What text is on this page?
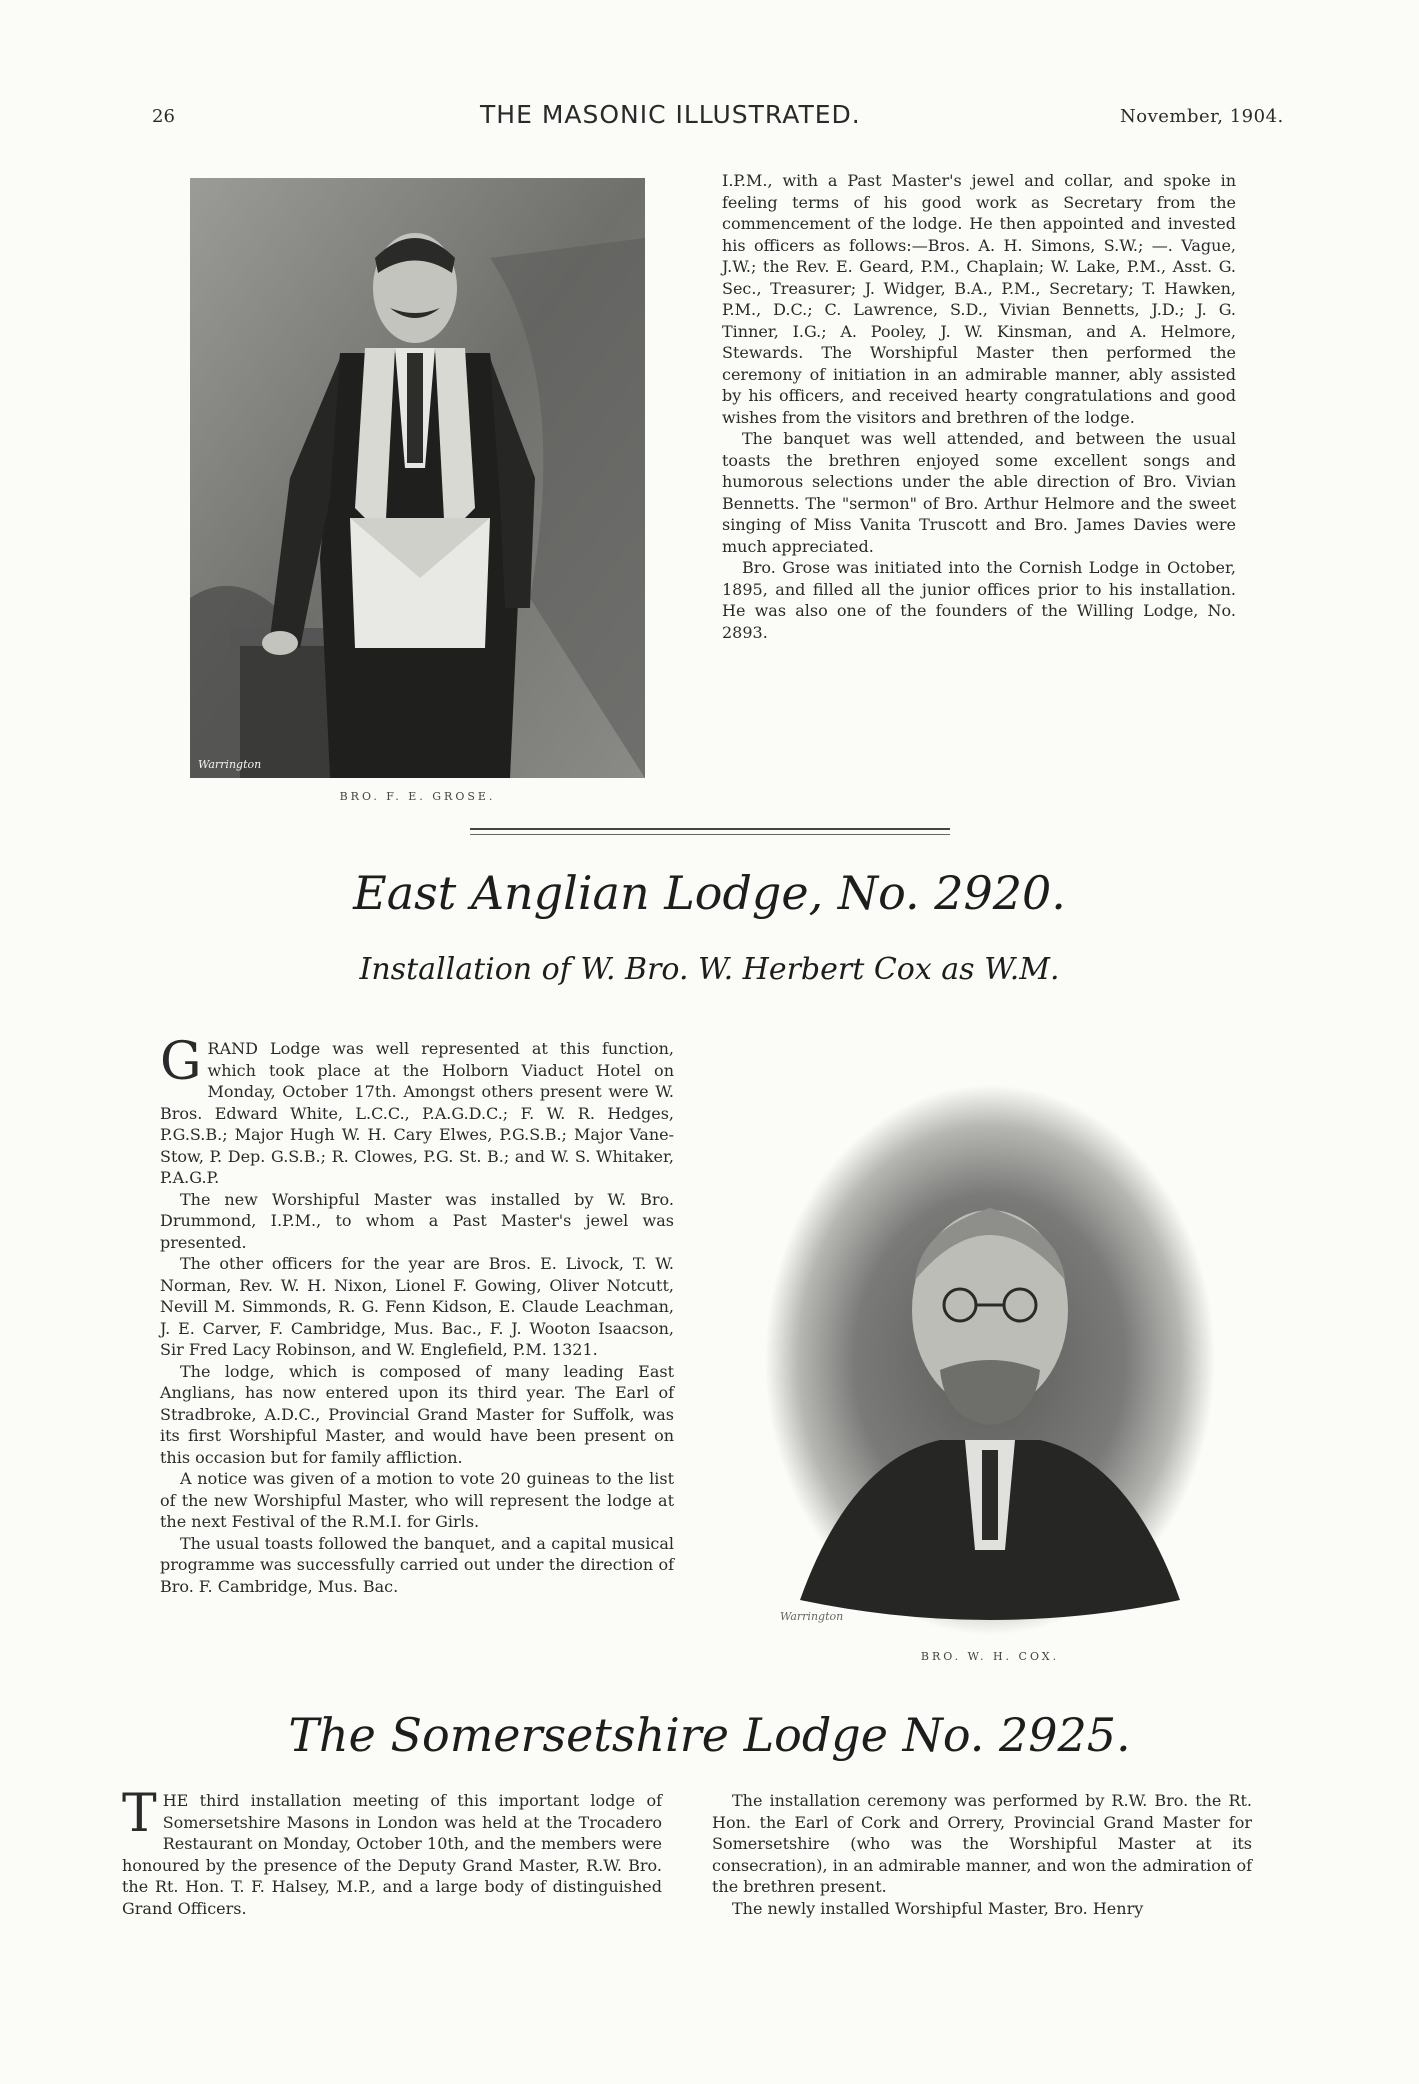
26	THE MASONIC ILLUSTRATED.	November, 1904.
Warrington
BRO. F. E. GROSE.

I.P.M., with a Past Master's jewel and collar, and spoke in feeling terms of his good work as Secretary from the commencement of the lodge. He then appointed and invested his officers as follows:—Bros. A. H. Simons, S.W.; —. Vague, J.W.; the Rev. E. Geard, P.M., Chaplain; W. Lake, P.M., Asst. G. Sec., Treasurer; J. Widger, B.A., P.M., Secretary; T. Hawken, P.M., D.C.; C. Lawrence, S.D., Vivian Bennetts, J.D.; J. G. Tinner, I.G.; A. Pooley, J. W. Kinsman, and A. Helmore, Stewards. The Worshipful Master then performed the ceremony of initiation in an admirable manner, ably assisted by his officers, and received hearty congratulations and good wishes from the visitors and brethren of the lodge.

The banquet was well attended, and between the usual toasts the brethren enjoyed some excellent songs and humorous selections under the able direction of Bro. Vivian Bennetts. The "sermon" of Bro. Arthur Helmore and the sweet singing of Miss Vanita Truscott and Bro. James Davies were much appreciated.

Bro. Grose was initiated into the Cornish Lodge in October, 1895, and filled all the junior offices prior to his installation. He was also one of the founders of the Willing Lodge, No. 2893.

East Anglian Lodge, No. 2920.
Installation of W. Bro. W. Herbert Cox as W.M.

GRAND Lodge was well represented at this function, which took place at the Holborn Viaduct Hotel on Monday, October 17th. Amongst others present were W. Bros. Edward White, L.C.C., P.A.G.D.C.; F. W. R. Hedges, P.G.S.B.; Major Hugh W. H. Cary Elwes, P.G.S.B.; Major Vane-Stow, P. Dep. G.S.B.; R. Clowes, P.G. St. B.; and W. S. Whitaker, P.A.G.P.

The new Worshipful Master was installed by W. Bro. Drummond, I.P.M., to whom a Past Master's jewel was presented.

The other officers for the year are Bros. E. Livock, T. W. Norman, Rev. W. H. Nixon, Lionel F. Gowing, Oliver Notcutt, Nevill M. Simmonds, R. G. Fenn Kidson, E. Claude Leachman, J. E. Carver, F. Cambridge, Mus. Bac., F. J. Wooton Isaacson, Sir Fred Lacy Robinson, and W. Englefield, P.M. 1321.

The lodge, which is composed of many leading East Anglians, has now entered upon its third year. The Earl of Stradbroke, A.D.C., Provincial Grand Master for Suffolk, was its first Worshipful Master, and would have been present on this occasion but for family affliction.

A notice was given of a motion to vote 20 guineas to the list of the new Worshipful Master, who will represent the lodge at the next Festival of the R.M.I. for Girls.

The usual toasts followed the banquet, and a capital musical programme was successfully carried out under the direction of Bro. F. Cambridge, Mus. Bac.

Warrington
BRO. W. H. COX.
The Somersetshire Lodge No. 2925.

THE third installation meeting of this important lodge of Somersetshire Masons in London was held at the Trocadero Restaurant on Monday, October 10th, and the members were honoured by the presence of the Deputy Grand Master, R.W. Bro. the Rt. Hon. T. F. Halsey, M.P., and a large body of distinguished Grand Officers.

The installation ceremony was performed by R.W. Bro. the Rt. Hon. the Earl of Cork and Orrery, Provincial Grand Master for Somersetshire (who was the Worshipful Master at its consecration), in an admirable manner, and won the admiration of the brethren present.

The newly installed Worshipful Master, Bro. Henry
